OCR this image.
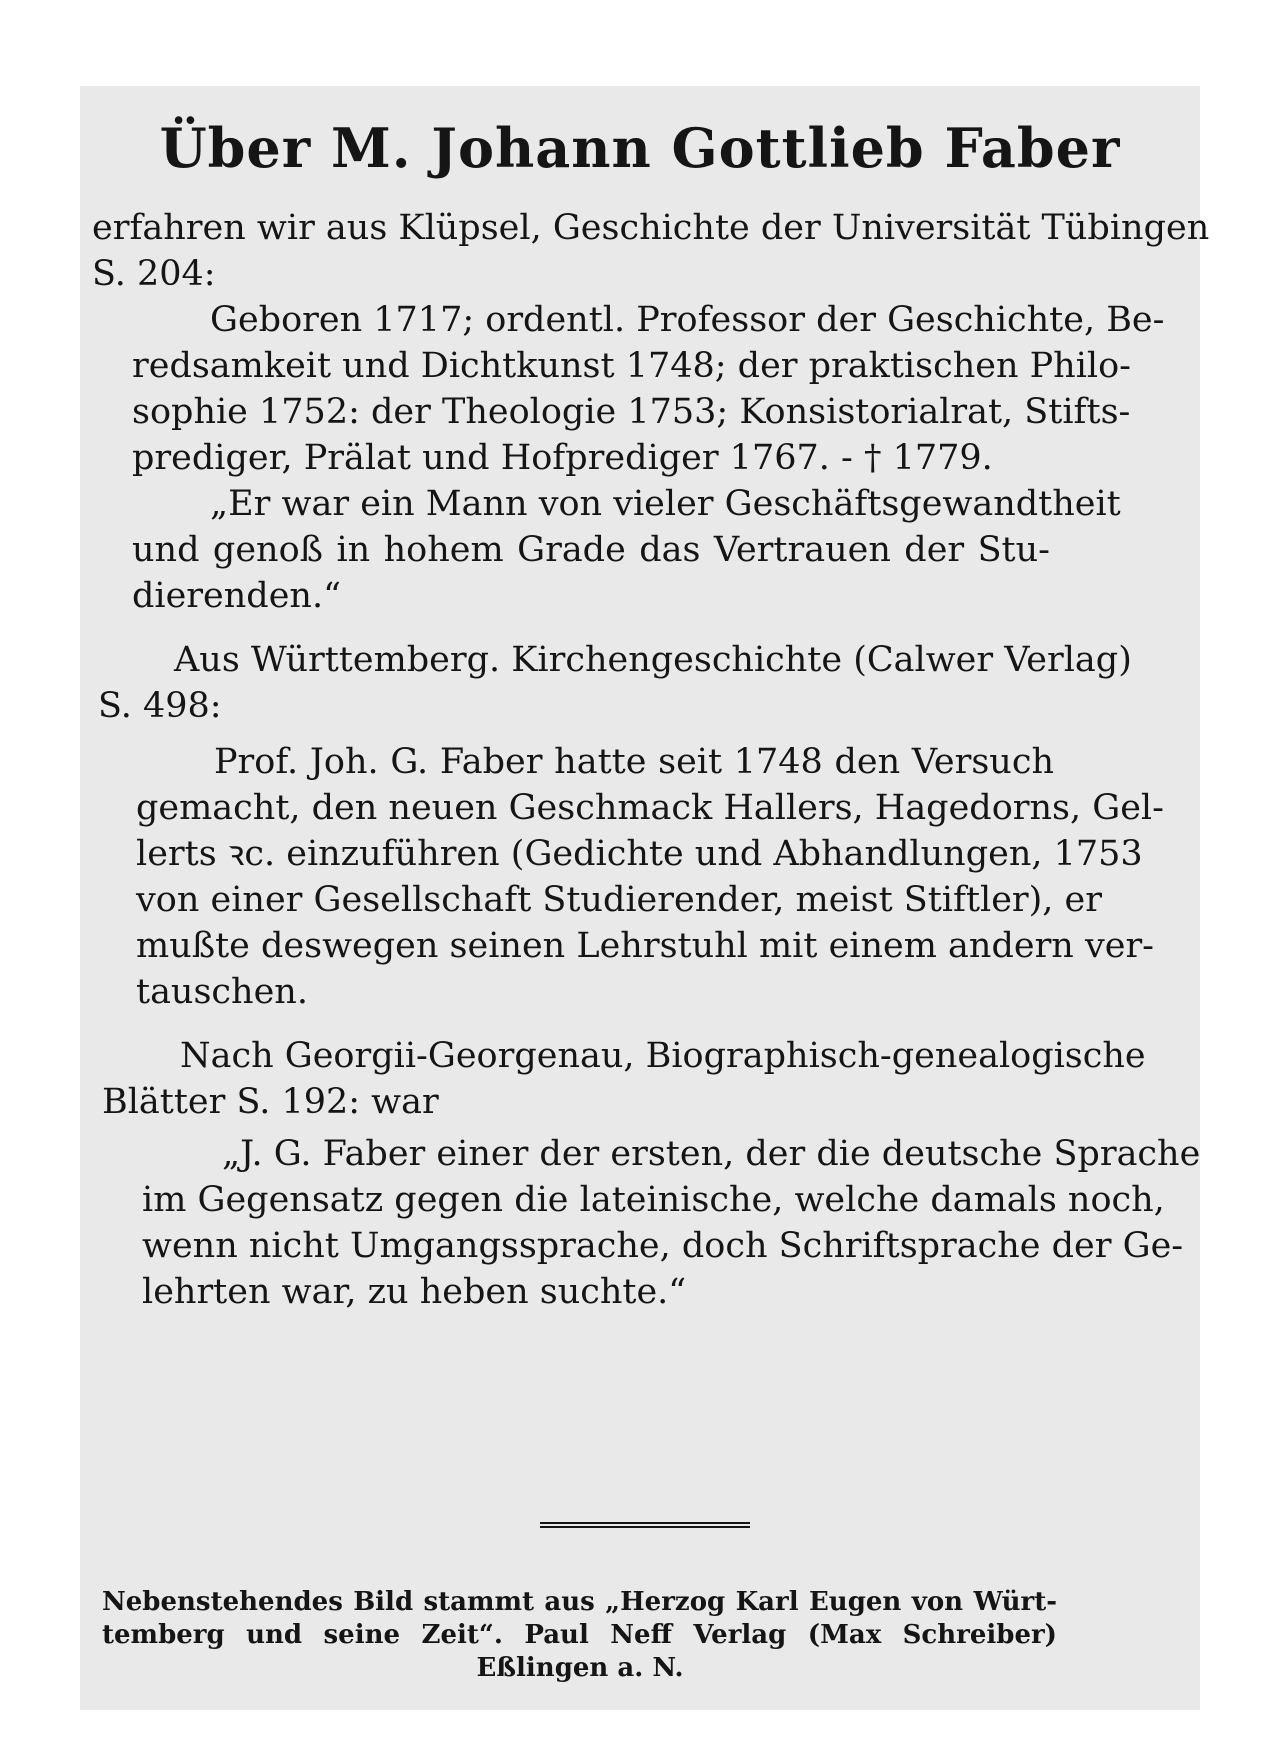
Über M. Johann Gottlieb Faber

erfahren wir aus Klüpsel, Geschichte der Universität Tübingen

S. 204:

Geboren 1717; ordentl. Professor der Geschichte, Be-

redsamkeit und Dichtkunst 1748; der praktischen Philo-

sophie 1752: der Theologie 1753; Konsistorialrat, Stifts-

prediger, Prälat und Hofprediger 1767. - † 1779.

„Er war ein Mann von vieler Geschäftsgewandtheit

und genoß in hohem Grade das Vertrauen der Stu-

dierenden.“

Aus Württemberg. Kirchengeschichte (Calwer Verlag)

S. 498:

Prof. Joh. G. Faber hatte seit 1748 den Versuch

gemacht, den neuen Geschmack Hallers, Hagedorns, Gel-

lerts ꝛc. einzuführen (Gedichte und Abhandlungen, 1753

von einer Gesellschaft Studierender, meist Stiftler), er

mußte deswegen seinen Lehrstuhl mit einem andern ver-

tauschen.

Nach Georgii-Georgenau, Biographisch-genealogische

Blätter S. 192: war

„J. G. Faber einer der ersten, der die deutsche Sprache

im Gegensatz gegen die lateinische, welche damals noch,

wenn nicht Umgangssprache, doch Schriftsprache der Ge-

lehrten war, zu heben suchte.“

Nebenstehendes Bild stammt aus „Herzog Karl Eugen von Würt-
temberg und seine Zeit“. Paul Neff Verlag (Max Schreiber)
Eßlingen a. N.
